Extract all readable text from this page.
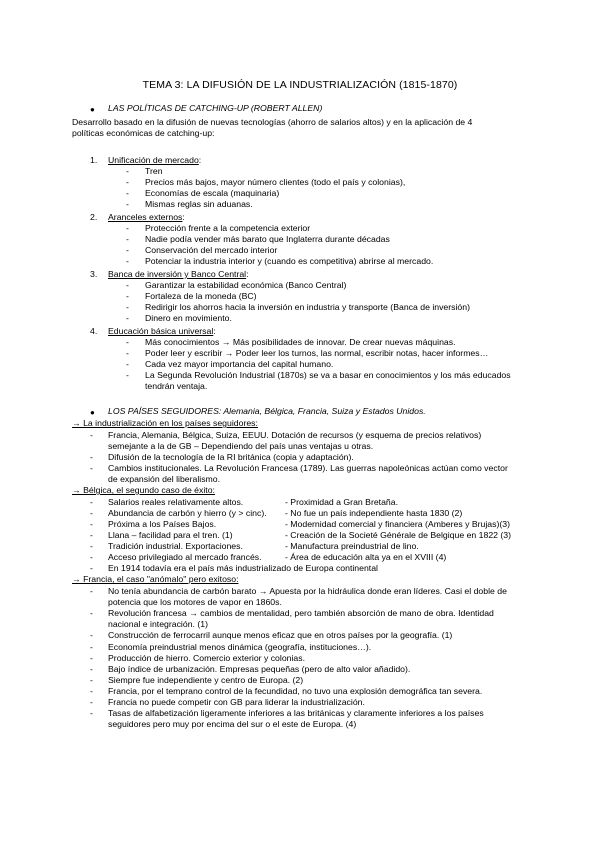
TEMA 3: LA DIFUSIÓN DE LA INDUSTRIALIZACIÓN (1815-1870)
● LAS POLÍTICAS DE CATCHING-UP (ROBERT ALLEN)
Desarrollo basado en la difusión de nuevas tecnologías (ahorro de salarios altos) y en la aplicación de 4
políticas económicas de catching-up:
1. Unificación de mercado:
- Tren
- Precios más bajos, mayor número clientes (todo el país y colonias),
- Economías de escala (maquinaria)
- Mismas reglas sin aduanas.
2. Aranceles externos:
- Protección frente a la competencia exterior
- Nadie podía vender más barato que Inglaterra durante décadas
- Conservación del mercado interior
- Potenciar la industria interior y (cuando es competitiva) abrirse al mercado.
3. Banca de inversión y Banco Central:
- Garantizar la estabilidad económica (Banco Central)
- Fortaleza de la moneda (BC)
- Redirigir los ahorros hacia la inversión en industria y transporte (Banca de inversión)
- Dinero en movimiento.
4. Educación básica universal:
- Más conocimientos → Más posibilidades de innovar. De crear nuevas máquinas.
- Poder leer y escribir → Poder leer los turnos, las normal, escribir notas, hacer informes…
- Cada vez mayor importancia del capital humano.
- La Segunda Revolución Industrial (1870s) se va a basar en conocimientos y los más educados
tendrán ventaja.
● LOS PAÍSES SEGUIDORES: Alemania, Bélgica, Francia, Suiza y Estados Unidos.
→ La industrialización en los países seguidores:
- Francia, Alemania, Bélgica, Suiza, EEUU. Dotación de recursos (y esquema de precios relativos)
semejante a la de GB – Dependiendo del país unas ventajas u otras.
- Difusión de la tecnología de la RI británica (copia y adaptación).
- Cambios institucionales. La Revolución Francesa (1789). Las guerras napoleónicas actúan como vector
de expansión del liberalismo.
→ Bélgica, el segundo caso de éxito:
- Salarios reales relativamente altos.	- Proximidad a Gran Bretaña.
- Abundancia de carbón y hierro (y > cinc). - No fue un país independiente hasta 1830 (2)
- Próxima a los Países Bajos.	- Modernidad comercial y financiera (Amberes y Brujas)(3)
- Llana – facilidad para el tren. (1)	- Creación de la Societé Générale de Belgique en 1822 (3)
- Tradición industrial. Exportaciones.	- Manufactura preindustrial de lino.
- Acceso privilegiado al mercado francés.	- Área de educación alta ya en el XVIII (4)
- En 1914 todavía era el país más industrializado de Europa continental
→ Francia, el caso "anómalo" pero exitoso:
- No tenía abundancia de carbón barato → Apuesta por la hidráulica donde eran líderes. Casi el doble de
potencia que los motores de vapor en 1860s.
- Revolución francesa → cambios de mentalidad, pero también absorción de mano de obra. Identidad
nacional e integración. (1)
- Construcción de ferrocarril aunque menos eficaz que en otros países por la geografía. (1)
- Economía preindustrial menos dinámica (geografía, instituciones…).
- Producción de hierro. Comercio exterior y colonias.
- Bajo índice de urbanización. Empresas pequeñas (pero de alto valor añadido).
- Siempre fue independiente y centro de Europa. (2)
- Francia, por el temprano control de la fecundidad, no tuvo una explosión demográfica tan severa.
- Francia no puede competir con GB para liderar la industrialización.
- Tasas de alfabetización ligeramente inferiores a las británicas y claramente inferiores a los países
seguidores pero muy por encima del sur o el este de Europa. (4)
